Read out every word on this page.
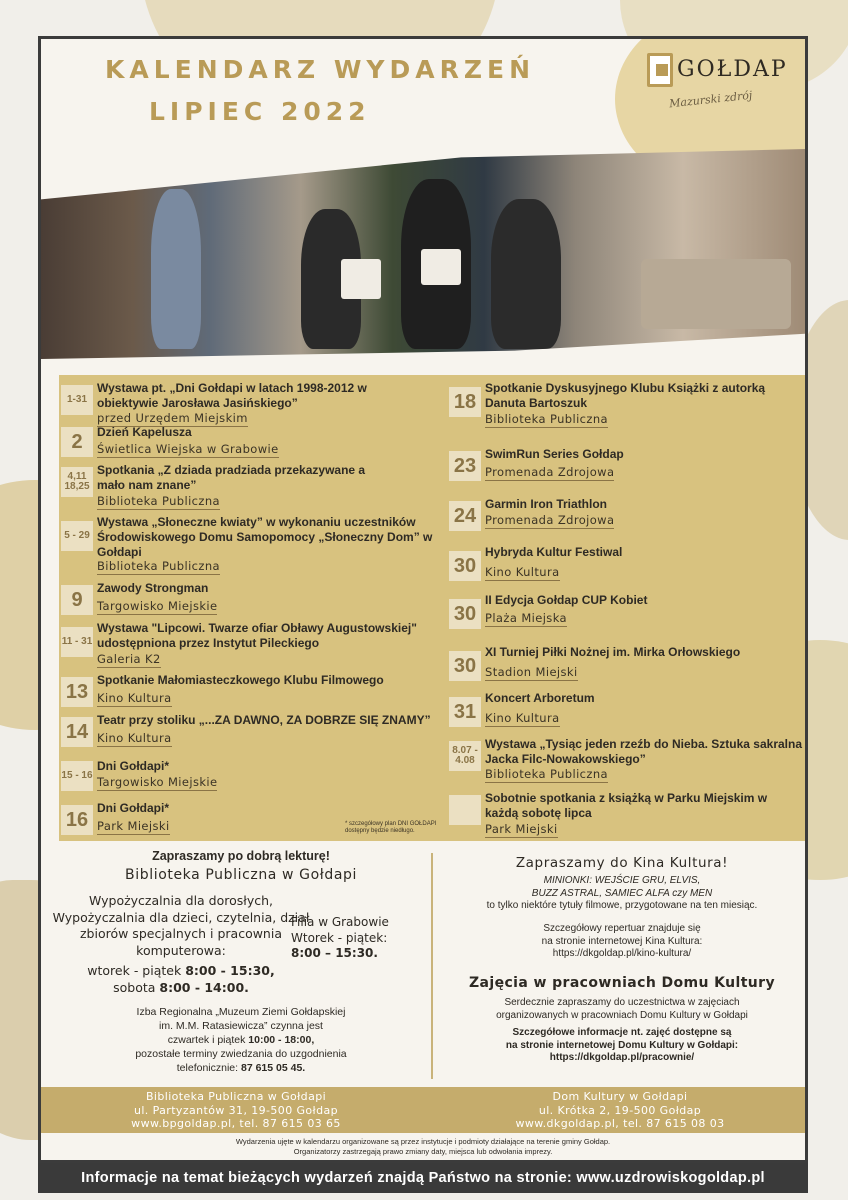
KALENDARZ WYDARZEŃ
LIPIEC 2022
GOŁDAP
Mazurski zdrój
1-31
Wystawa pt. „Dni Gołdapi w latach 1998-2012 w obiektywie Jarosława Jasińskiego”
przed Urzędem Miejskim
2	Dzień Kapelusza
Świetlica Wiejska w Grabowie
4,11 18,25
Spotkania „Z dziada pradziada przekazywane a mało nam znane”
Biblioteka Publiczna
5 - 29
Wystawa „Słoneczne kwiaty” w wykonaniu uczestników Środowiskowego Domu Samopomocy „Słoneczny Dom” w Gołdapi
Biblioteka Publiczna
9
Zawody Strongman
Targowisko Miejskie
11 - 31
Wystawa "Lipcowi. Twarze ofiar Obławy Augustowskiej" udostępniona przez Instytut Pileckiego
Galeria K2
13
Spotkanie Małomiasteczkowego Klubu Filmowego
Kino Kultura
14
Teatr przy stoliku „...ZA DAWNO, ZA DOBRZE SIĘ ZNAMY”
Kino Kultura
15 - 16
Dni Gołdapi*
Targowisko Miejskie
16
Dni Gołdapi*
Park Miejski	* szczegółowy plan DNI GOŁDAPI dostępny będzie niedługo.
18
Spotkanie Dyskusyjnego Klubu Książki z autorką Danuta Bartoszuk
Biblioteka Publiczna
23
SwimRun Series Gołdap
Promenada Zdrojowa
24
Garmin Iron Triathlon
Promenada Zdrojowa
30
Hybryda Kultur Festiwal
Kino Kultura
30
II Edycja Gołdap CUP Kobiet
Plaża Miejska
30
XI Turniej Piłki Nożnej im. Mirka Orłowskiego
Stadion Miejski
31
Koncert Arboretum
Kino Kultura
8.07 - 4.08
Wystawa „Tysiąc jeden rzeźb do Nieba. Sztuka sakralna Jacka Filc-Nowakowskiego”
Biblioteka Publiczna
Sobotnie spotkania z książką w Parku Miejskim w każdą sobotę lipca
Park Miejski
Zapraszamy po dobrą lekturę!
Biblioteka Publiczna w Gołdapi
Wypożyczalnia dla dorosłych, Wypożyczalnia dla dzieci, czytelnia, dział zbiorów specjalnych i pracownia komputerowa:
wtorek - piątek 8:00 - 15:30,
sobota 8:00 - 14:00.
Filia w Grabowie
Wtorek - piątek:
8:00 – 15:30.
Izba Regionalna „Muzeum Ziemi Gołdapskiej
im. M.M. Ratasiewicza” czynna jest
czwartek i piątek 10:00 - 18:00,
pozostałe terminy zwiedzania do uzgodnienia
telefonicznie: 87 615 05 45.
Zapraszamy do Kina Kultura!
MINIONKI: WEJŚCIE GRU, ELVIS,
BUZZ ASTRAL, SAMIEC ALFA czy MEN
to tylko niektóre tytuły filmowe, przygotowane na ten miesiąc.
Szczegółowy repertuar znajduje się
na stronie internetowej Kina Kultura:
https://dkgoldap.pl/kino-kultura/
Zajęcia w pracowniach Domu Kultury
Serdecznie zapraszamy do uczestnictwa w zajęciach
organizowanych w pracowniach Domu Kultury w Gołdapi
Szczegółowe informacje nt. zajęć dostępne są
na stronie internetowej Domu Kultury w Gołdapi:
https://dkgoldap.pl/pracownie/
Biblioteka Publiczna w Gołdapi
ul. Partyzantów 31, 19-500 Gołdap
www.bpgoldap.pl, tel. 87 615 03 65
Dom Kultury w Gołdapi
ul. Krótka 2, 19-500 Gołdap
www.dkgoldap.pl, tel. 87 615 08 03
Wydarzenia ujęte w kalendarzu organizowane są przez instytucje i podmioty działające na terenie gminy Gołdap.
Organizatorzy zastrzegają prawo zmiany daty, miejsca lub odwołania imprezy.
Informacje na temat bieżących wydarzeń znajdą Państwo na stronie: www.uzdrowiskogoldap.pl
